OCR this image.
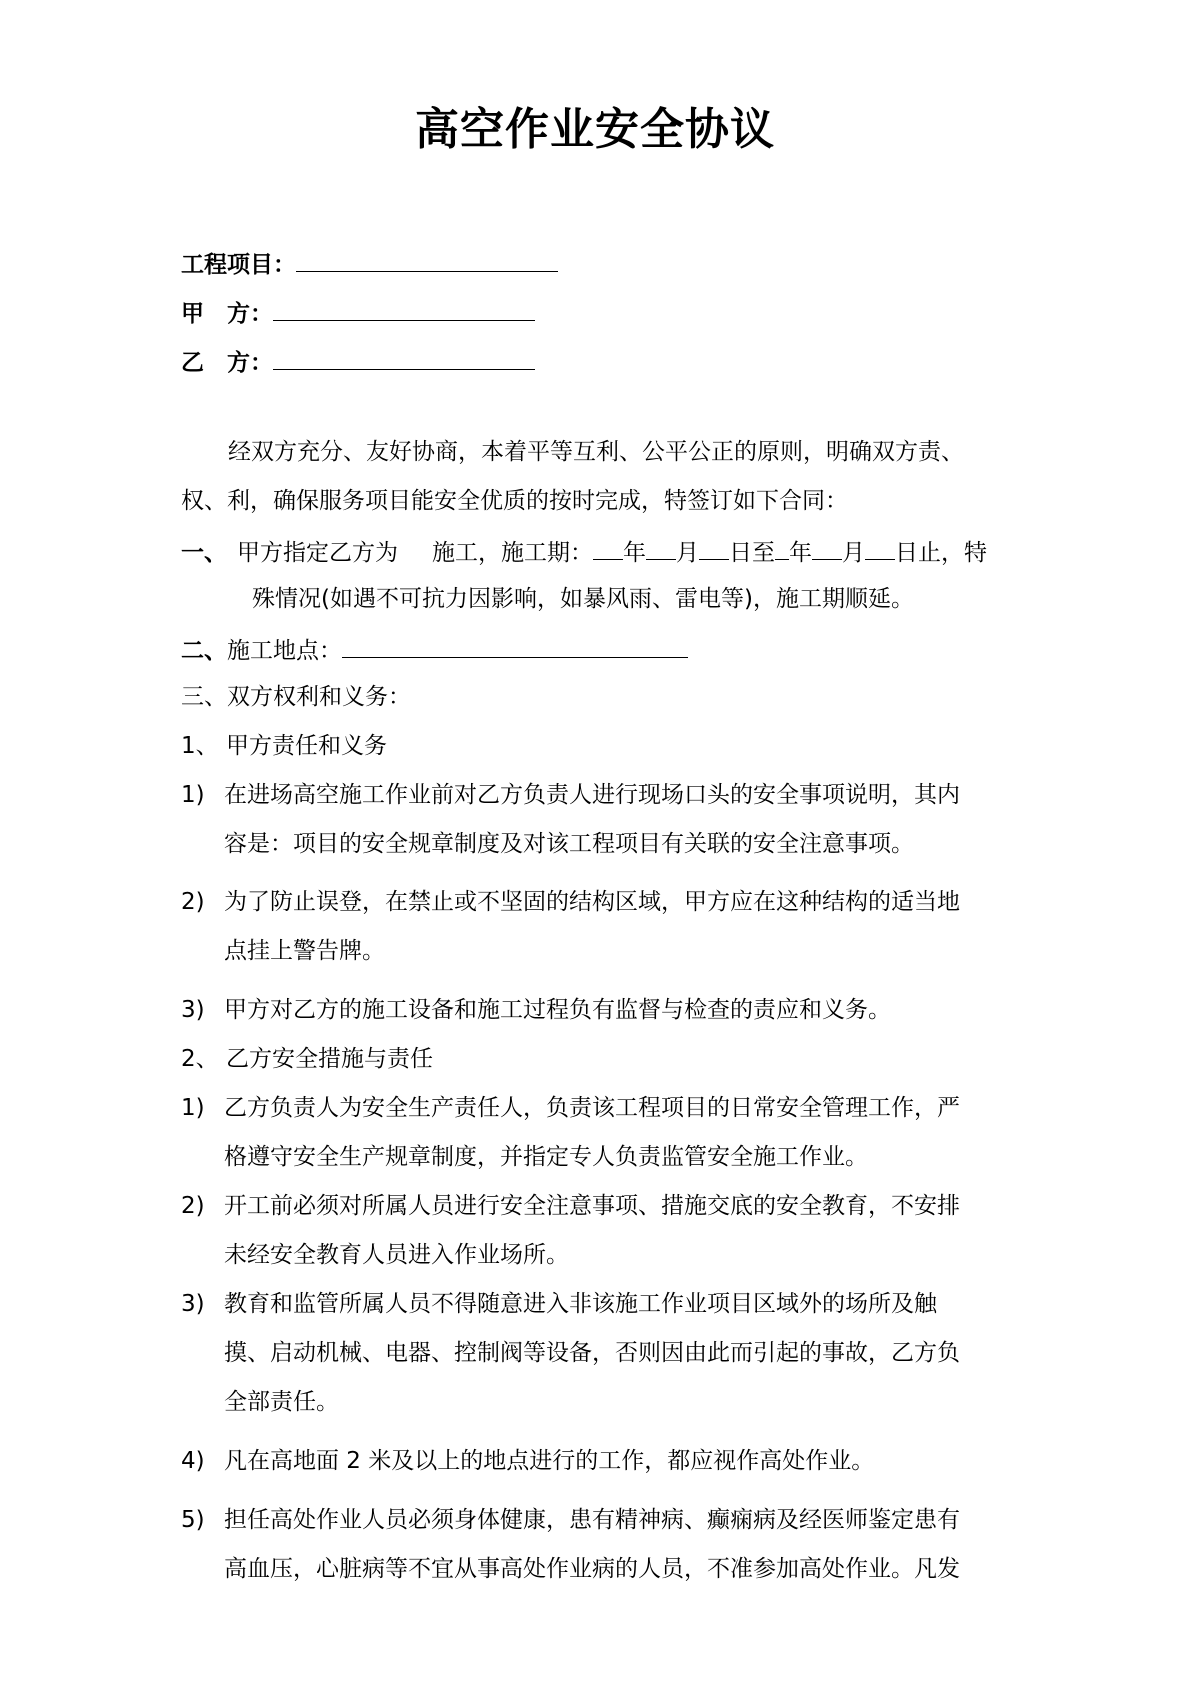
高空作业安全协议
工程项目：
甲　方：
乙　方：
经双方充分、友好协商，本着平等互利、公平公正的原则，明确双方责、
权、利，确保服务项目能安全优质的按时完成，特签订如下合同：
一、 甲方指定乙方为 施工，施工期： 年 月 日至 年 月 日止，特
殊情况(如遇不可抗力因影响，如暴风雨、雷电等)，施工期顺延。
二、施工地点：
三、双方权利和义务：
1、 甲方责任和义务
1) 在进场高空施工作业前对乙方负责人进行现场口头的安全事项说明，其内
容是：项目的安全规章制度及对该工程项目有关联的安全注意事项。
2) 为了防止误登，在禁止或不坚固的结构区域，甲方应在这种结构的适当地
点挂上警告牌。
3) 甲方对乙方的施工设备和施工过程负有监督与检查的责应和义务。
2、 乙方安全措施与责任
1) 乙方负责人为安全生产责任人，负责该工程项目的日常安全管理工作，严
格遵守安全生产规章制度，并指定专人负责监管安全施工作业。
2) 开工前必须对所属人员进行安全注意事项、措施交底的安全教育，不安排
未经安全教育人员进入作业场所。
3) 教育和监管所属人员不得随意进入非该施工作业项目区域外的场所及触
摸、启动机械、电器、控制阀等设备，否则因由此而引起的事故，乙方负
全部责任。
4) 凡在高地面 2 米及以上的地点进行的工作，都应视作高处作业。
5) 担任高处作业人员必须身体健康，患有精神病、癫痫病及经医师鉴定患有
高血压，心脏病等不宜从事高处作业病的人员，不准参加高处作业。凡发
